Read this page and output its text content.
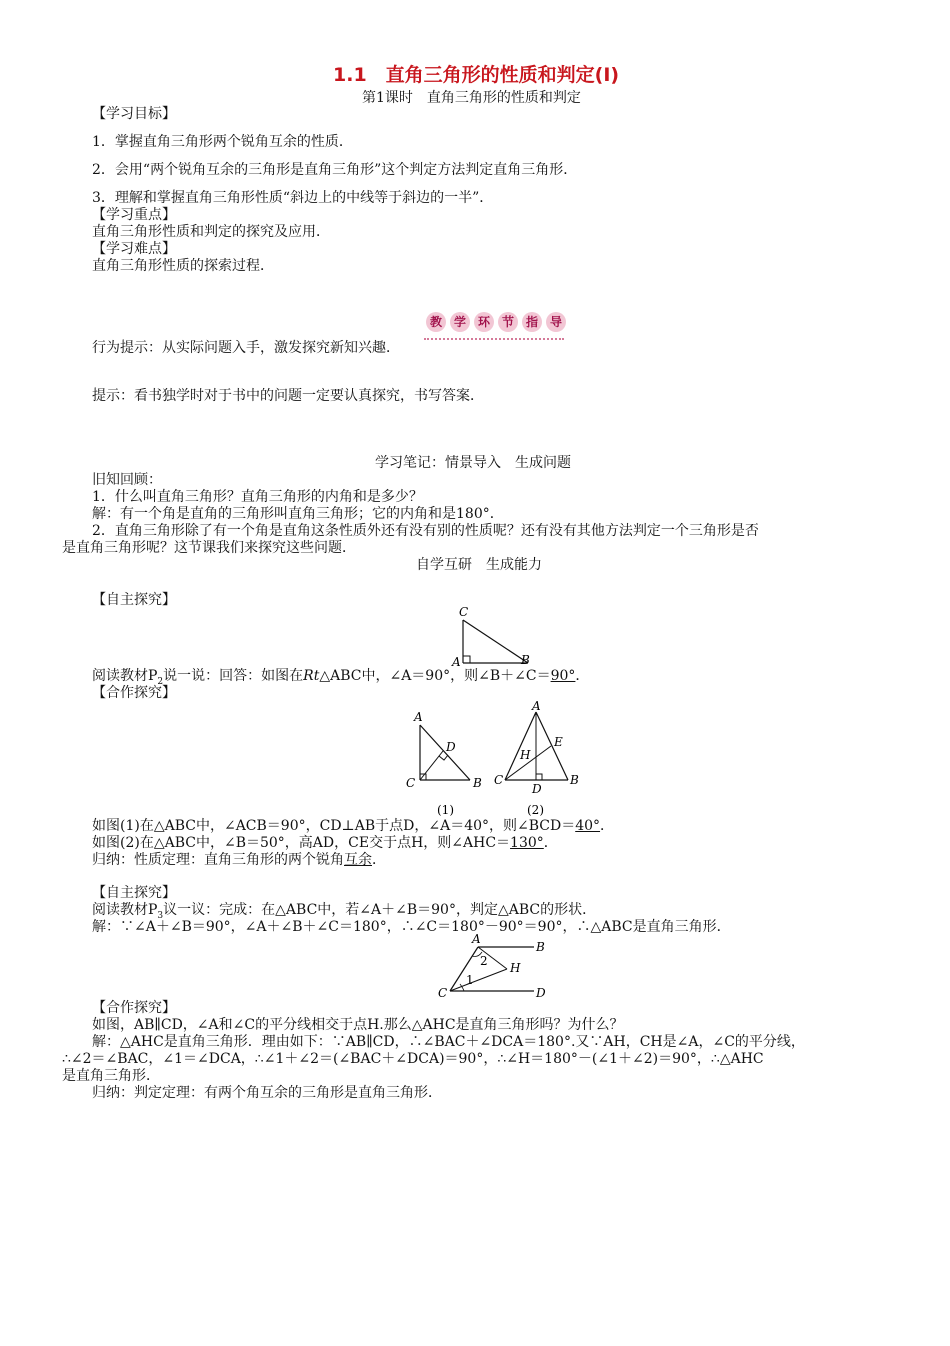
1.1　直角三角形的性质和判定(Ⅰ)
第1课时　直角三角形的性质和判定
【学习目标】
1．掌握直角三角形两个锐角互余的性质．
2．会用“两个锐角互余的三角形是直角三角形”这个判定方法判定直角三角形．
3．理解和掌握直角三角形性质“斜边上的中线等于斜边的一半”．
【学习重点】
直角三角形性质和判定的探究及应用．
【学习难点】
直角三角形性质的探索过程．
教 学 环 节 指 导
行为提示：从实际问题入手，激发探究新知兴趣．
提示：看书独学时对于书中的问题一定要认真探究，书写答案．
学习笔记：情景导入　生成问题
旧知回顾：
1．什么叫直角三角形？直角三角形的内角和是多少？
解：有一个角是直角的三角形叫直角三角形；它的内角和是180°．
2．直角三角形除了有一个角是直角这条性质外还有没有别的性质呢？还有没有其他方法判定一个三角形是否
是直角三角形呢？这节课我们来探究这些问题．
自学互研　生成能力
【自主探究】
C
A	B
阅读教材$P_2$说一说：回答：如图在Rt△ABC中，∠A＝90°，则∠B＋∠C＝90°．
【合作探究】
A
C	B
D
A
E
H
B
C
D
(1)	(2)
如图(1)在△ABC中，∠ACB＝90°，CD⊥AB于点D，∠A＝40°，则∠BCD＝40°．
如图(2)在△ABC中，∠B＝50°，高AD，CE交于点H，则∠AHC＝130°．
归纳：性质定理：直角三角形的两个锐角互余．
【自主探究】
阅读教材$P_3$议一议：完成：在△ABC中，若∠A＋∠B＝90°，判定△ABC的形状．
解：∵∠A＋∠B＝90°，∠A＋∠B＋∠C＝180°，∴∠C＝180°－90°＝90°，∴△ABC是直角三角形．
A
B
C	D
H
1
2
【合作探究】
如图，AB∥CD，∠A和∠C的平分线相交于点H.那么△AHC是直角三角形吗？为什么？
解：△AHC是直角三角形．理由如下：∵AB∥CD，∴∠BAC＋∠DCA＝180°.又∵AH，CH是∠A，∠C的平分线，
∴∠2＝∠BAC，∠1＝∠DCA，∴∠1＋∠2＝(∠BAC＋∠DCA)＝90°，∴∠H＝180°－(∠1＋∠2)＝90°，∴△AHC
是直角三角形．
归纳：判定定理：有两个角互余的三角形是直角三角形．
